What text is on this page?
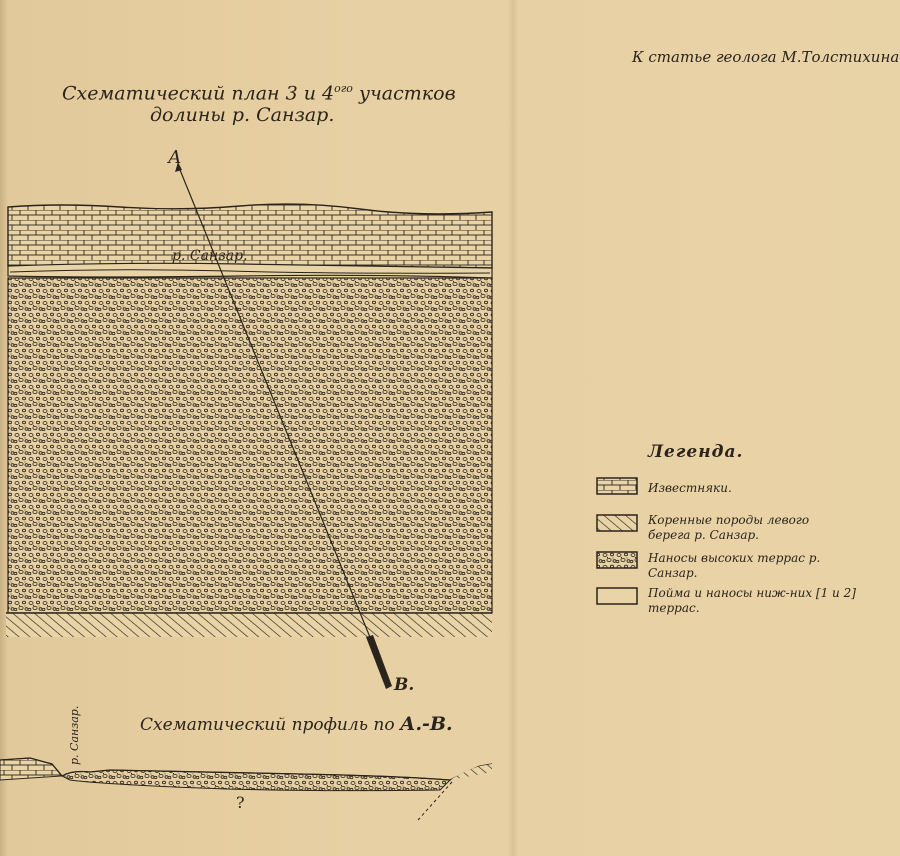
А
В.
р. Санзар.
?
р. Санзар.
К статье геолога М.Толстихина
Схематический план 3 и $4^{ого}$ участков
долины р. Санзар.
Схематический профиль по А.-В.
Легенда.
Известняки.
Коренные породы левого берега р. Санзар.
Наносы высоких террас р. Санзар.
Пойма и наносы ниж-них [1 и 2] террас.
